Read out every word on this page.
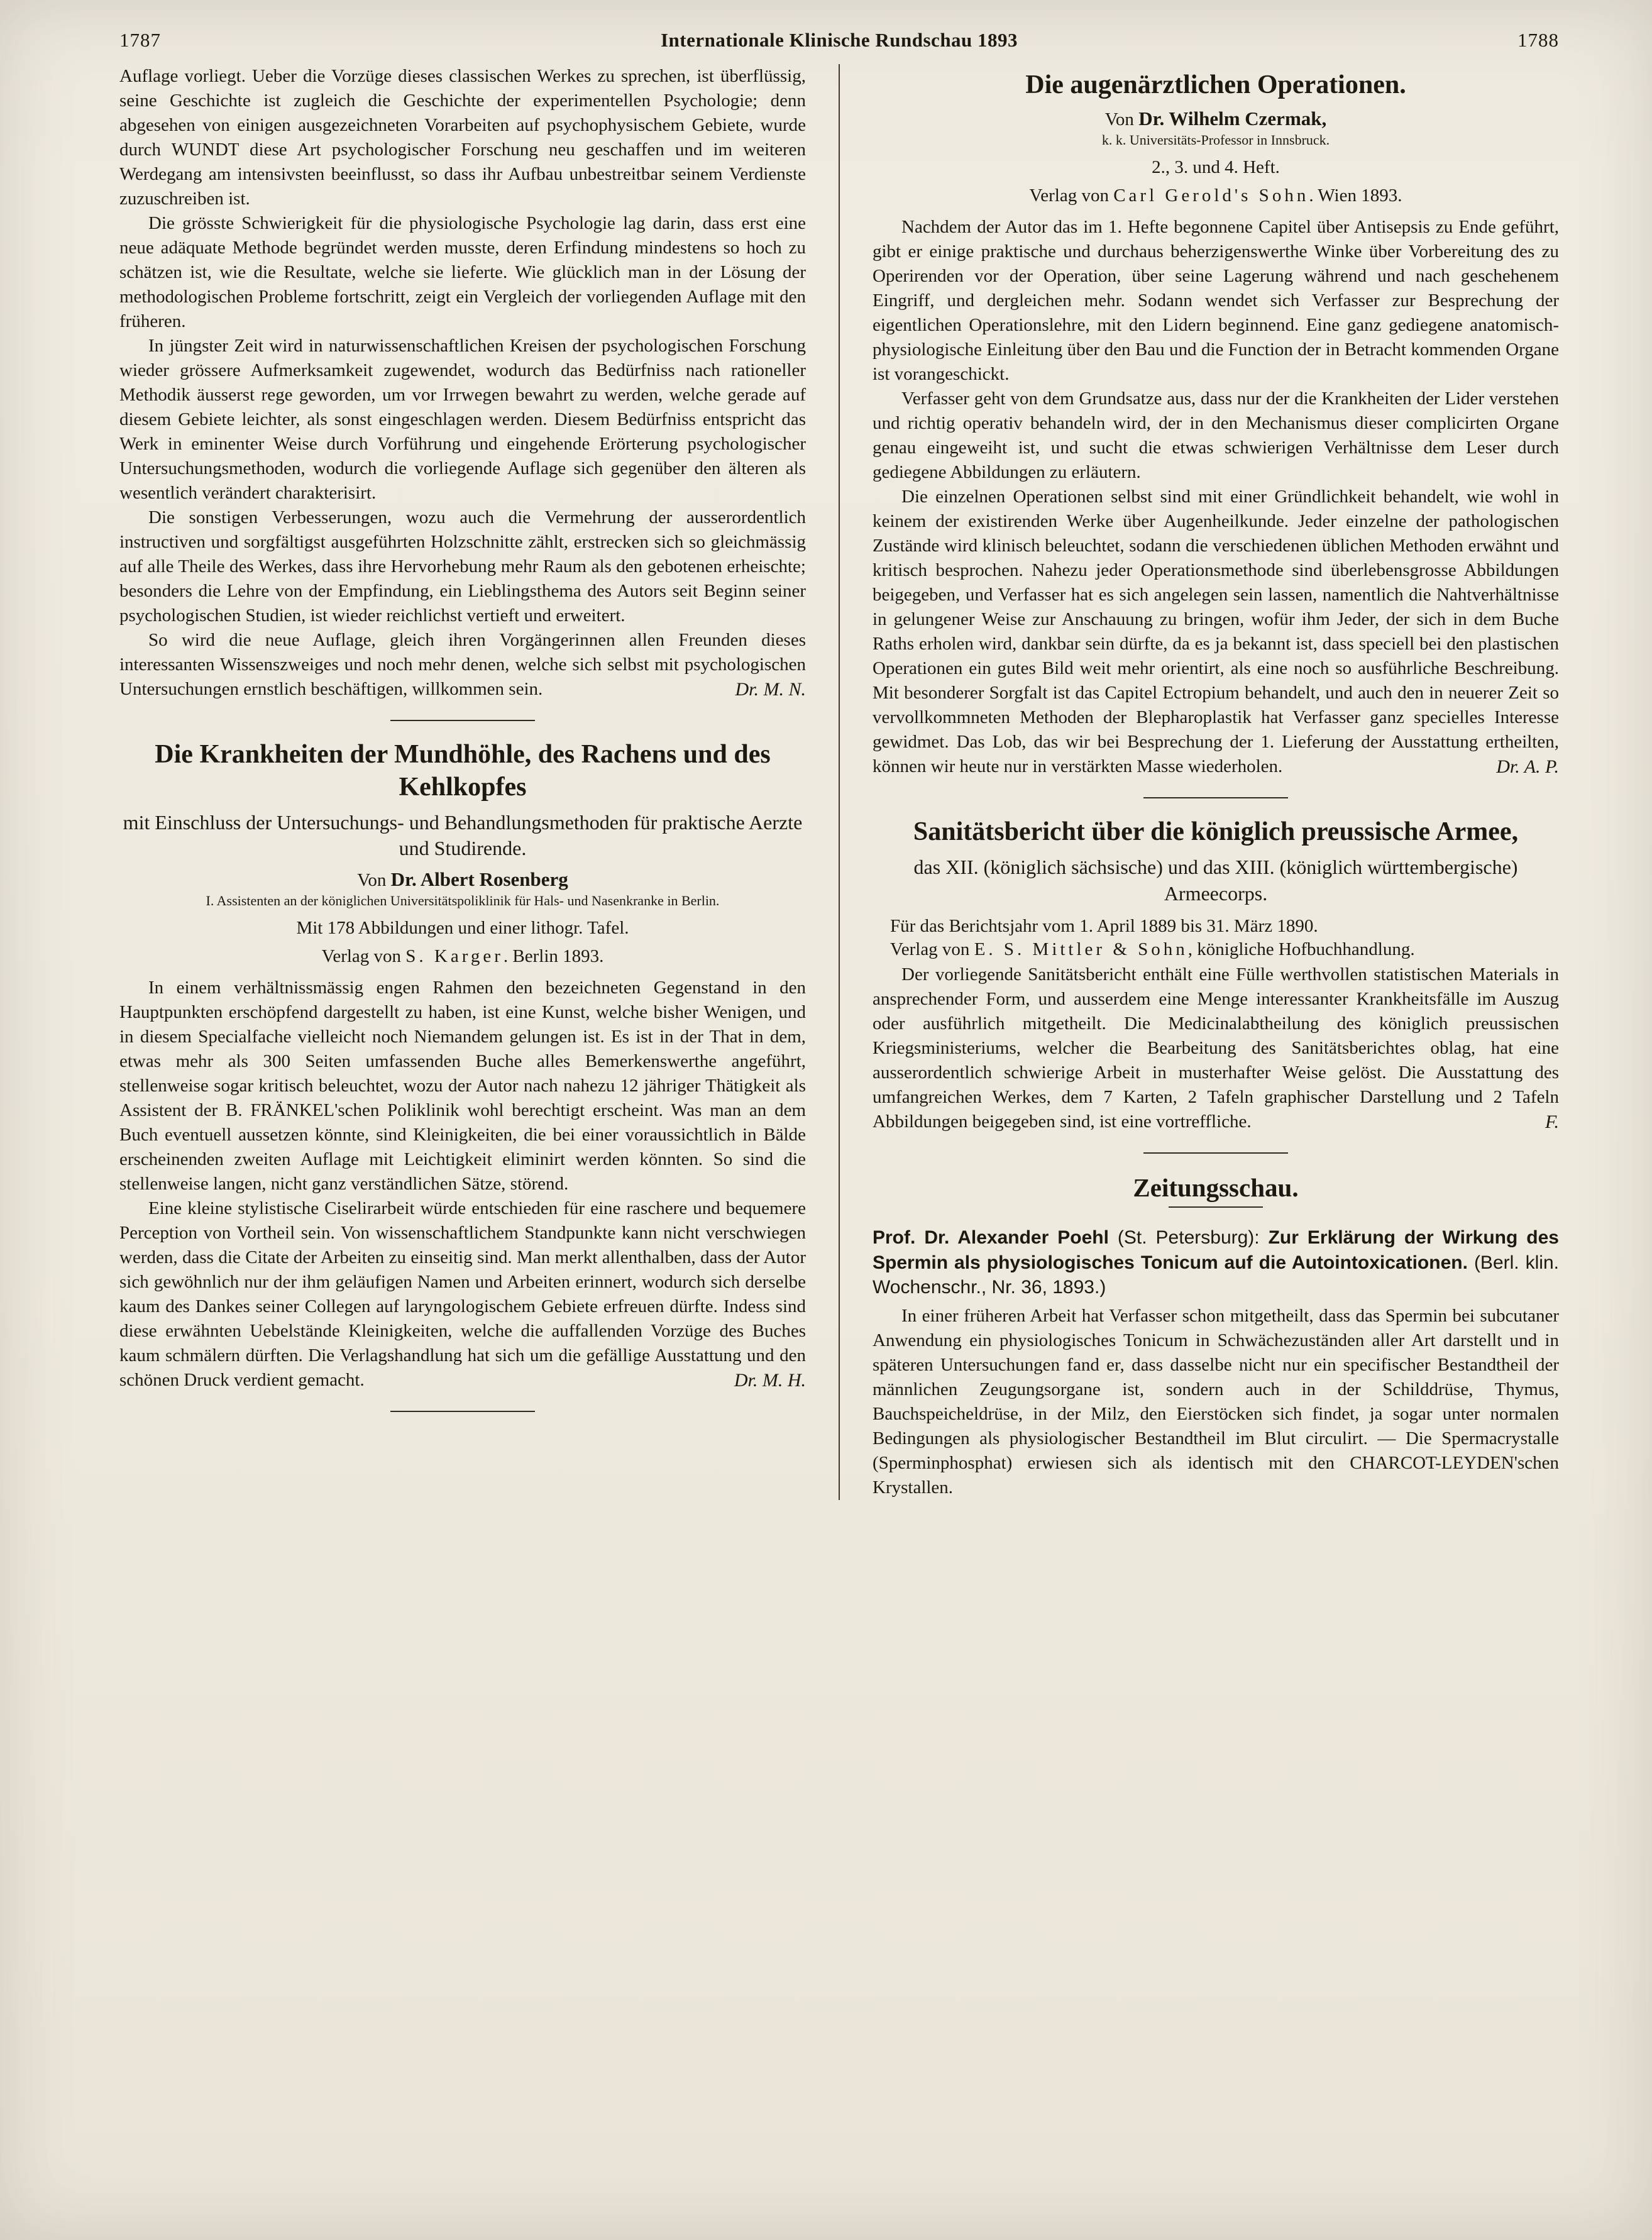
1787	Internationale Klinische Rundschau 1893	1788

Auflage vorliegt. Ueber die Vorzüge dieses classischen Werkes zu sprechen, ist überflüssig, seine Geschichte ist zugleich die Geschichte der experimentellen Psychologie; denn abgesehen von einigen ausgezeichneten Vorarbeiten auf psychophysischem Gebiete, wurde durch WUNDT diese Art psychologischer Forschung neu geschaffen und im weiteren Werdegang am intensivsten beeinflusst, so dass ihr Aufbau unbestreitbar seinem Verdienste zuzuschreiben ist.

Die grösste Schwierigkeit für die physiologische Psychologie lag darin, dass erst eine neue adäquate Methode begründet werden musste, deren Erfindung mindestens so hoch zu schätzen ist, wie die Resultate, welche sie lieferte. Wie glücklich man in der Lösung der methodologischen Probleme fortschritt, zeigt ein Vergleich der vorliegenden Auflage mit den früheren.

In jüngster Zeit wird in naturwissenschaftlichen Kreisen der psychologischen Forschung wieder grössere Aufmerksamkeit zugewendet, wodurch das Bedürfniss nach rationeller Methodik äusserst rege geworden, um vor Irrwegen bewahrt zu werden, welche gerade auf diesem Gebiete leichter, als sonst eingeschlagen werden. Diesem Bedürfniss entspricht das Werk in eminenter Weise durch Vorführung und eingehende Erörterung psychologischer Untersuchungsmethoden, wodurch die vorliegende Auflage sich gegenüber den älteren als wesentlich verändert charakterisirt.

Die sonstigen Verbesserungen, wozu auch die Vermehrung der ausserordentlich instructiven und sorgfältigst ausgeführten Holzschnitte zählt, erstrecken sich so gleichmässig auf alle Theile des Werkes, dass ihre Hervorhebung mehr Raum als den gebotenen erheischte; besonders die Lehre von der Empfindung, ein Lieblingsthema des Autors seit Beginn seiner psychologischen Studien, ist wieder reichlichst vertieft und erweitert.

So wird die neue Auflage, gleich ihren Vorgängerinnen allen Freunden dieses interessanten Wissenszweiges und noch mehr denen, welche sich selbst mit psychologischen Untersuchungen ernstlich beschäftigen, willkommen sein.	Dr. M. N.

Die Krankheiten der Mundhöhle, des Rachens und des Kehlkopfes

mit Einschluss der Untersuchungs- und Behandlungsmethoden für praktische Aerzte und Studirende.

Von Dr. Albert Rosenberg

I. Assistenten an der königlichen Universitätspoliklinik für Hals- und Nasenkranke in Berlin.

Mit 178 Abbildungen und einer lithogr. Tafel.

Verlag von S. Karger. Berlin 1893.

In einem verhältnissmässig engen Rahmen den bezeichneten Gegenstand in den Hauptpunkten erschöpfend dargestellt zu haben, ist eine Kunst, welche bisher Wenigen, und in diesem Specialfache vielleicht noch Niemandem gelungen ist. Es ist in der That in dem, etwas mehr als 300 Seiten umfassenden Buche alles Bemerkenswerthe angeführt, stellenweise sogar kritisch beleuchtet, wozu der Autor nach nahezu 12 jähriger Thätigkeit als Assistent der B. FRÄNKEL'schen Poliklinik wohl berechtigt erscheint. Was man an dem Buch eventuell aussetzen könnte, sind Kleinigkeiten, die bei einer voraussichtlich in Bälde erscheinenden zweiten Auflage mit Leichtigkeit eliminirt werden könnten. So sind die stellenweise langen, nicht ganz verständlichen Sätze, störend.

Eine kleine stylistische Ciselirarbeit würde entschieden für eine raschere und bequemere Perception von Vortheil sein. Von wissenschaftlichem Standpunkte kann nicht verschwiegen werden, dass die Citate der Arbeiten zu einseitig sind. Man merkt allenthalben, dass der Autor sich gewöhnlich nur der ihm geläufigen Namen und Arbeiten erinnert, wodurch sich derselbe kaum des Dankes seiner Collegen auf laryngologischem Gebiete erfreuen dürfte. Indess sind diese erwähnten Uebelstände Kleinigkeiten, welche die auffallenden Vorzüge des Buches kaum schmälern dürften. Die Verlagshandlung hat sich um die gefällige Ausstattung und den schönen Druck verdient gemacht.	Dr. M. H.

Die augenärztlichen Operationen.

Von Dr. Wilhelm Czermak,

k. k. Universitäts-Professor in Innsbruck.

2., 3. und 4. Heft.

Verlag von Carl Gerold's Sohn. Wien 1893.

Nachdem der Autor das im 1. Hefte begonnene Capitel über Antisepsis zu Ende geführt, gibt er einige praktische und durchaus beherzigenswerthe Winke über Vorbereitung des zu Operirenden vor der Operation, über seine Lagerung während und nach geschehenem Eingriff, und dergleichen mehr. Sodann wendet sich Verfasser zur Besprechung der eigentlichen Operationslehre, mit den Lidern beginnend. Eine ganz gediegene anatomisch-physiologische Einleitung über den Bau und die Function der in Betracht kommenden Organe ist vorangeschickt.

Verfasser geht von dem Grundsatze aus, dass nur der die Krankheiten der Lider verstehen und richtig operativ behandeln wird, der in den Mechanismus dieser complicirten Organe genau eingeweiht ist, und sucht die etwas schwierigen Verhältnisse dem Leser durch gediegene Abbildungen zu erläutern.

Die einzelnen Operationen selbst sind mit einer Gründlichkeit behandelt, wie wohl in keinem der existirenden Werke über Augenheilkunde. Jeder einzelne der pathologischen Zustände wird klinisch beleuchtet, sodann die verschiedenen üblichen Methoden erwähnt und kritisch besprochen. Nahezu jeder Operationsmethode sind überlebensgrosse Abbildungen beigegeben, und Verfasser hat es sich angelegen sein lassen, namentlich die Nahtverhältnisse in gelungener Weise zur Anschauung zu bringen, wofür ihm Jeder, der sich in dem Buche Raths erholen wird, dankbar sein dürfte, da es ja bekannt ist, dass speciell bei den plastischen Operationen ein gutes Bild weit mehr orientirt, als eine noch so ausführliche Beschreibung. Mit besonderer Sorgfalt ist das Capitel Ectropium behandelt, und auch den in neuerer Zeit so vervollkommneten Methoden der Blepharoplastik hat Verfasser ganz specielles Interesse gewidmet. Das Lob, das wir bei Besprechung der 1. Lieferung der Ausstattung ertheilten, können wir heute nur in verstärkten Masse wiederholen.	Dr. A. P.

Sanitätsbericht über die königlich preussische Armee,

das XII. (königlich sächsische) und das XIII. (königlich württembergische) Armeecorps.

Für das Berichtsjahr vom 1. April 1889 bis 31. März 1890.

Verlag von E. S. Mittler & Sohn, königliche Hofbuchhandlung.

Der vorliegende Sanitätsbericht enthält eine Fülle werthvollen statistischen Materials in ansprechender Form, und ausserdem eine Menge interessanter Krankheitsfälle im Auszug oder ausführlich mitgetheilt. Die Medicinalabtheilung des königlich preussischen Kriegsministeriums, welcher die Bearbeitung des Sanitätsberichtes oblag, hat eine ausserordentlich schwierige Arbeit in musterhafter Weise gelöst. Die Ausstattung des umfangreichen Werkes, dem 7 Karten, 2 Tafeln graphischer Darstellung und 2 Tafeln Abbildungen beigegeben sind, ist eine vortreffliche.	F.

Zeitungsschau.

Prof. Dr. Alexander Poehl (St. Petersburg): Zur Erklärung der Wirkung des Spermin als physiologisches Tonicum auf die Autointoxicationen. (Berl. klin. Wochenschr., Nr. 36, 1893.)

In einer früheren Arbeit hat Verfasser schon mitgetheilt, dass das Spermin bei subcutaner Anwendung ein physiologisches Tonicum in Schwächezuständen aller Art darstellt und in späteren Untersuchungen fand er, dass dasselbe nicht nur ein specifischer Bestandtheil der männlichen Zeugungsorgane ist, sondern auch in der Schilddrüse, Thymus, Bauchspeicheldrüse, in der Milz, den Eierstöcken sich findet, ja sogar unter normalen Bedingungen als physiologischer Bestandtheil im Blut circulirt. — Die Spermacrystalle (Sperminphosphat) erwiesen sich als identisch mit den CHARCOT-LEYDEN'schen Krystallen.
